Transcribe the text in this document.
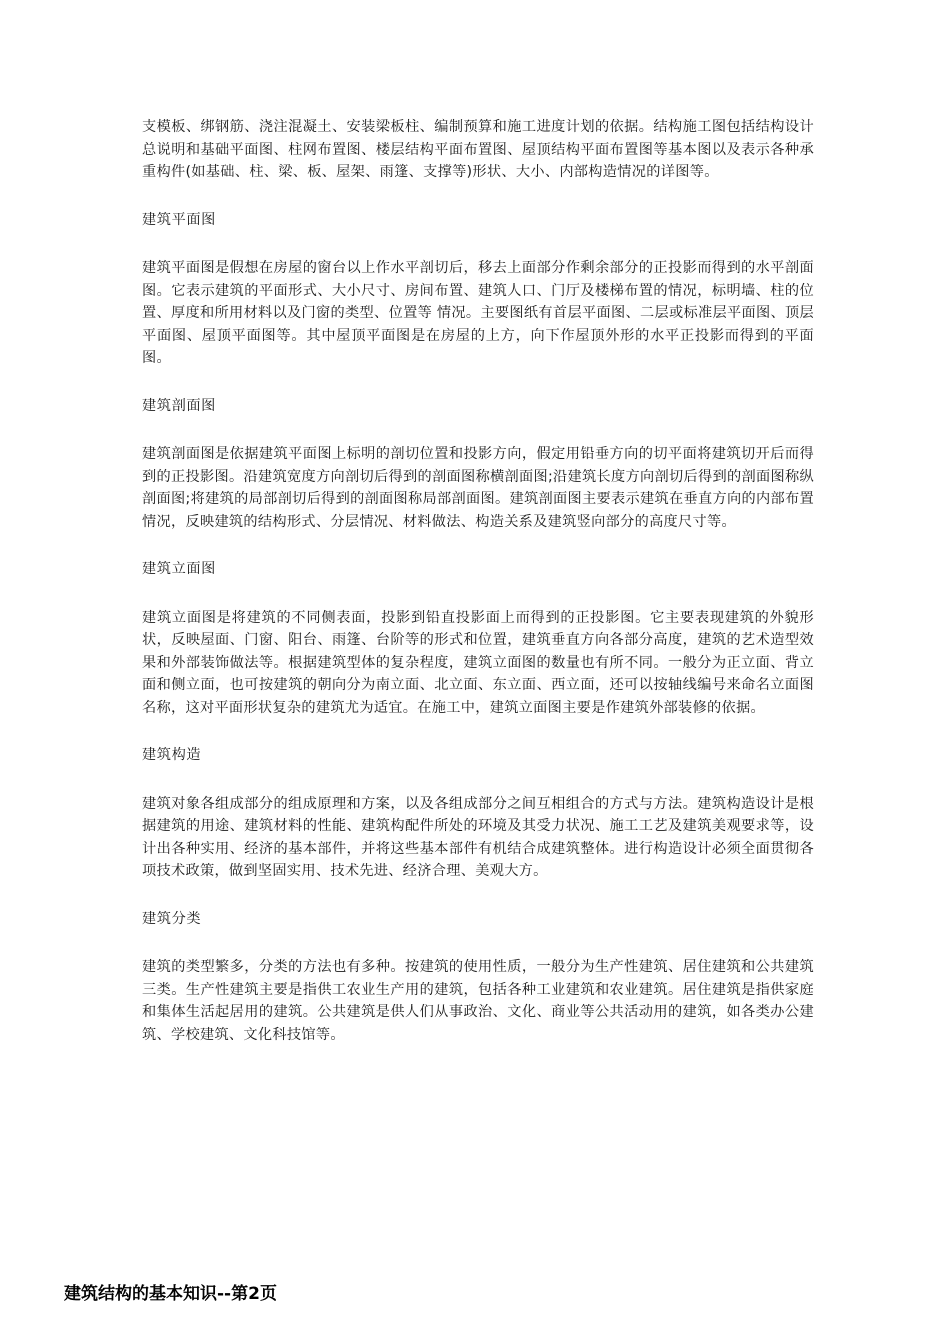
支模板、绑钢筋、浇注混凝土、安装梁板柱、编制预算和施工进度计划的依据。结构施工图包括结构设计总说明和基础平面图、柱网布置图、楼层结构平面布置图、屋顶结构平面布置图等基本图以及表示各种承重构件(如基础、柱、梁、板、屋架、雨篷、支撑等)形状、大小、内部构造情况的详图等。

建筑平面图

建筑平面图是假想在房屋的窗台以上作水平剖切后，移去上面部分作剩余部分的正投影而得到的水平剖面图。它表示建筑的平面形式、大小尺寸、房间布置、建筑人口、门厅及楼梯布置的情况，标明墙、柱的位置、厚度和所用材料以及门窗的类型、位置等 情况。主要图纸有首层平面图、二层或标准层平面图、顶层平面图、屋顶平面图等。其中屋顶平面图是在房屋的上方，向下作屋顶外形的水平正投影而得到的平面图。

建筑剖面图

建筑剖面图是依据建筑平面图上标明的剖切位置和投影方向，假定用铅垂方向的切平面将建筑切开后而得到的正投影图。沿建筑宽度方向剖切后得到的剖面图称横剖面图;沿建筑长度方向剖切后得到的剖面图称纵剖面图;将建筑的局部剖切后得到的剖面图称局部剖面图。建筑剖面图主要表示建筑在垂直方向的内部布置 情况，反映建筑的结构形式、分层情况、材料做法、构造关系及建筑竖向部分的高度尺寸等。

建筑立面图

建筑立面图是将建筑的不同侧表面，投影到铅直投影面上而得到的正投影图。它主要表现建筑的外貌形状，反映屋面、门窗、阳台、雨篷、台阶等的形式和位置，建筑垂直方向各部分高度，建筑的艺术造型效果和外部装饰做法等。根据建筑型体的复杂程度，建筑立面图的数量也有所不同。一般分为正立面、背立面和侧立面，也可按建筑的朝向分为南立面、北立面、东立面、西立面，还可以按轴线编号来命名立面图名称，这对平面形状复杂的建筑尤为适宜。在施工中，建筑立面图主要是作建筑外部装修的依据。

建筑构造

建筑对象各组成部分的组成原理和方案，以及各组成部分之间互相组合的方式与方法。建筑构造设计是根据建筑的用途、建筑材料的性能、建筑构配件所处的环境及其受力状况、施工工艺及建筑美观要求等，设计出各种实用、经济的基本部件，并将这些基本部件有机结合成建筑整体。进行构造设计必须全面贯彻各项技术政策，做到坚固实用、技术先进、经济合理、美观大方。

建筑分类

建筑的类型繁多，分类的方法也有多种。按建筑的使用性质，一般分为生产性建筑、居住建筑和公共建筑三类。生产性建筑主要是指供工农业生产用的建筑，包括各种工业建筑和农业建筑。居住建筑是指供家庭和集体生活起居用的建筑。公共建筑是供人们从事政治、文化、商业等公共活动用的建筑，如各类办公建筑、学校建筑、文化科技馆等。

建筑结构的基本知识--第2页
